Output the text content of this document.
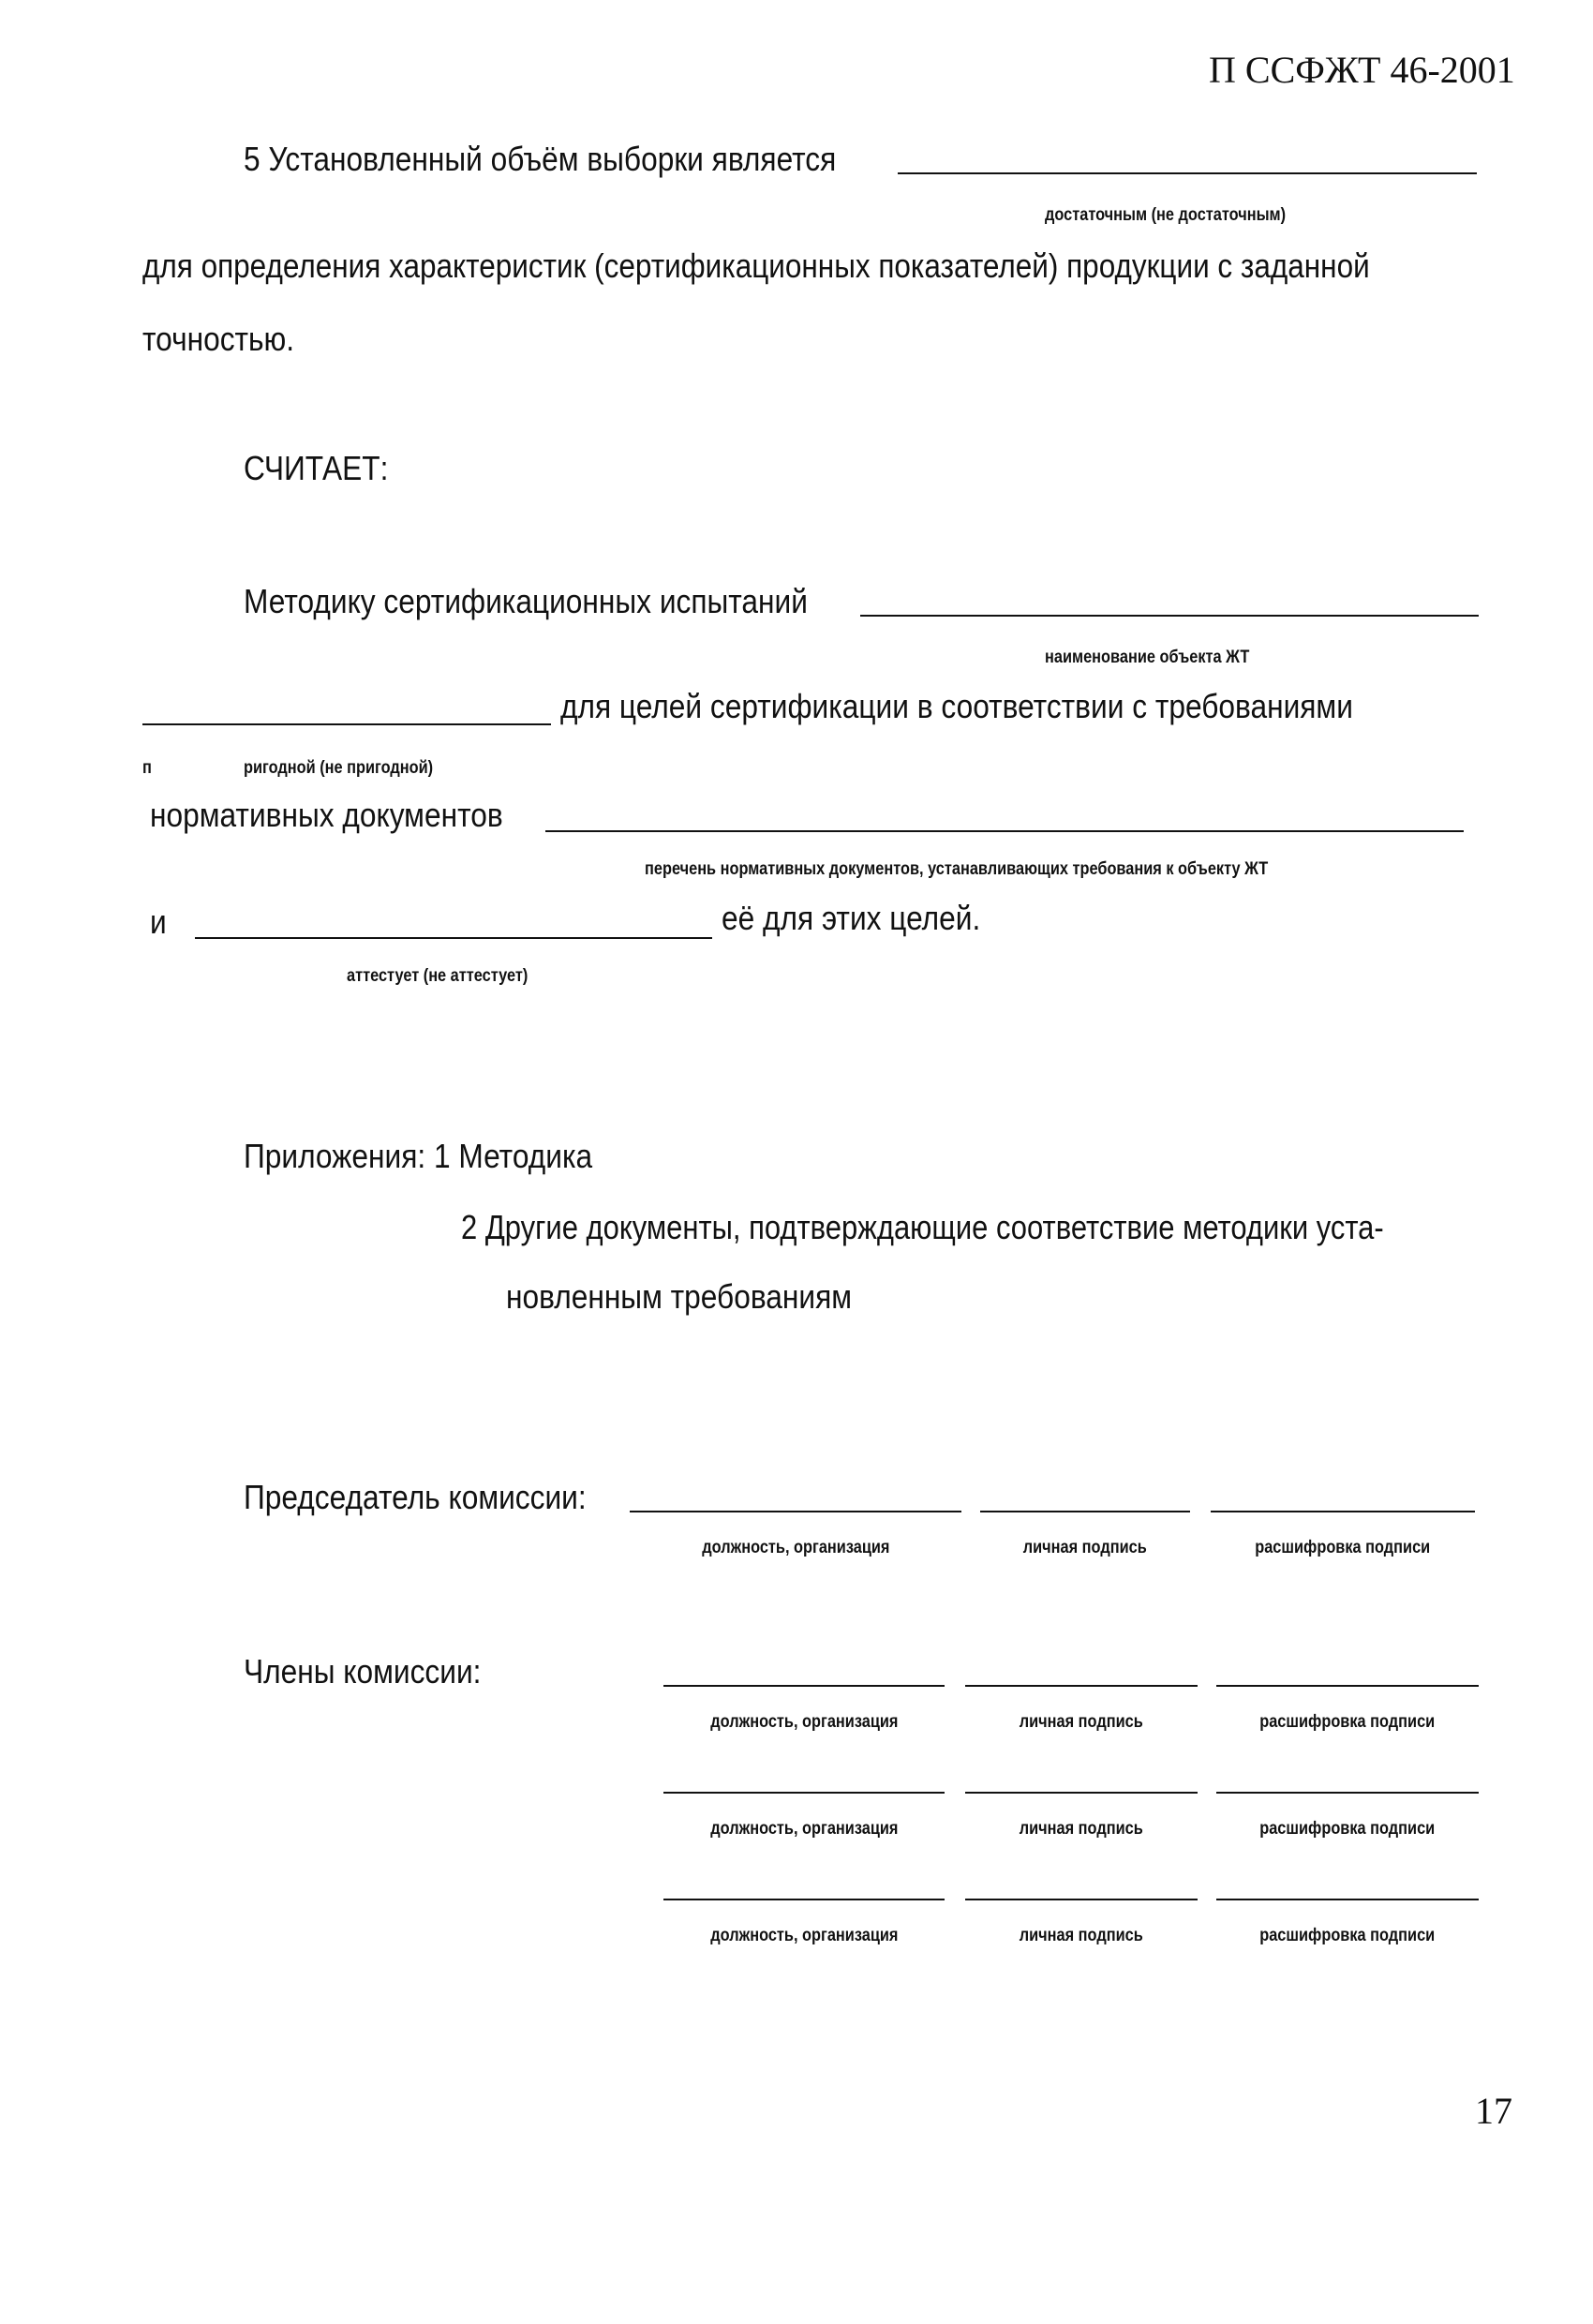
П ССФЖТ 46-2001
5 Установленный объём выборки является
достаточным (не достаточным)
для определения характеристик (сертификационных показателей) продукции с заданной
точностью.
СЧИТАЕТ:
Методику сертификационных испытаний
наименование объекта ЖТ
для целей сертификации в соответствии с требованиями
п	ригодной (не пригодной)
нормативных документов
перечень нормативных документов, устанавливающих требования к объекту ЖТ
и	её для этих целей.
аттестует (не аттестует)
Приложения: 1 Методика
2 Другие документы, подтверждающие соответствие методики уста-
новленным требованиям
Председатель комиссии:
должность, организация	личная подпись	расшифровка подписи
Члены комиссии:
должность, организация	личная подпись	расшифровка подписи
должность, организация	личная подпись	расшифровка подписи
должность, организация	личная подпись	расшифровка подписи
17
